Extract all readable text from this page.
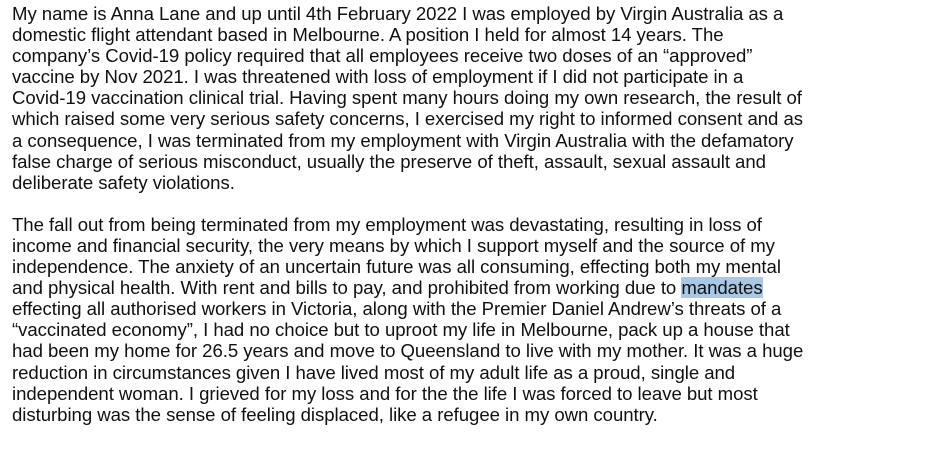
My name is Anna Lane and up until 4th February 2022 I was employed by Virgin Australia as a
domestic flight attendant based in Melbourne. A position I held for almost 14 years. The
company’s Covid-19 policy required that all employees receive two doses of an “approved”
vaccine by Nov 2021. I was threatened with loss of employment if I did not participate in a
Covid-19 vaccination clinical trial. Having spent many hours doing my own research, the result of
which raised some very serious safety concerns, I exercised my right to informed consent and as
a consequence, I was terminated from my employment with Virgin Australia with the defamatory
false charge of serious misconduct, usually the preserve of theft, assault, sexual assault and
deliberate safety violations.

The fall out from being terminated from my employment was devastating, resulting in loss of
income and financial security, the very means by which I support myself and the source of my
independence. The anxiety of an uncertain future was all consuming, effecting both my mental
and physical health. With rent and bills to pay, and prohibited from working due to mandates
effecting all authorised workers in Victoria, along with the Premier Daniel Andrew’s threats of a
“vaccinated economy”, I had no choice but to uproot my life in Melbourne, pack up a house that
had been my home for 26.5 years and move to Queensland to live with my mother. It was a huge
reduction in circumstances given I have lived most of my adult life as a proud, single and
independent woman. I grieved for my loss and for the the life I was forced to leave but most
disturbing was the sense of feeling displaced, like a refugee in my own country.
